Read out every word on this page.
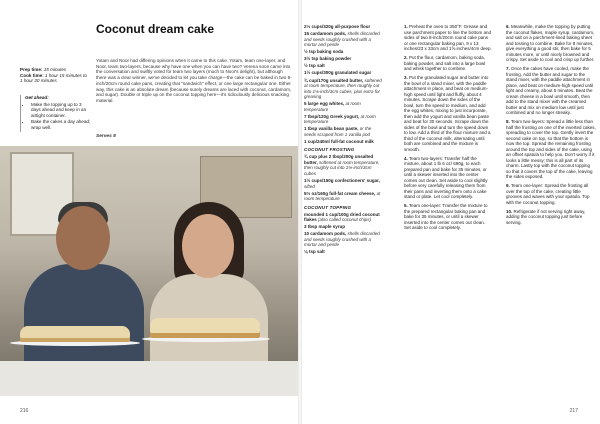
Coconut dream cake
Prep time: 15 minutes
Cook time: 1 hour 15 minutes to 1 hour 30 minutes
Get ahead:
• Make the topping up to 3 days ahead and keep in an airtight container.
• Bake the cakes a day ahead; wrap well.
Yotam and Noor had differing opinions when it came to this cake. Yotam, team one-layer, and Noor, team two-layers, because why have one when you can have two? Verena soon came into the conversation and swiftly voted for team two layers (much to Noor's delight), but although there was a clear winner, we've decided to let you take charge—the cake can be baked in two 8-inch/20cm round cake pans, creating that "sandwich" effect, or one large rectangular one. Either way, this cake is an absolute dream (because surely dreams are laced with coconut, cardamom, and sugar). Double or triple up on the coconut topping here—it's ridiculously delicious snacking material.
Serves 8
216
2⅓ cups/320g all-purpose flour
15 cardamom pods, shells discarded and seeds roughly crushed with a mortar and pestle
½ tsp baking soda
3½ tsp baking powder
½ tsp salt
1½ cups/300g granulated sugar
¾ cup/170g unsalted butter, softened at room temperature, then roughly cut into 1⅛-inch/3cm cubes, plus extra for greasing
5 large egg whites, at room temperature
7 tbsp/120g Greek yogurt, at room temperature
1 tbsp vanilla bean paste, or the seeds scraped from 1 vanilla pod
1 cup/240ml full-fat coconut milk
COCONUT FROSTING
¾ cup plus 2 tbsp/200g unsalted butter, softened at room temperature, then roughly cut into 1⅛-inch/3cm cubes
1½ cups/150g confectioners' sugar, sifted
5⅔ oz/160g full-fat cream cheese, at room temperature
COCONUT TOPPING
mounded 1 cup/100g dried coconut flakes (also called coconut chips)
3 tbsp maple syrup
10 cardamom pods, shells discarded and seeds roughly crushed with a mortar and pestle
⅛ tsp salt
1. Preheat the oven to 350°F. Grease and use parchment paper to line the bottom and sides of two 8-inch/20cm round cake pans or one rectangular baking pan, 9 x 13 inches/23 x 33cm and 1⅝ inches/4cm deep.
2. Put the flour, cardamom, baking soda, baking powder, and salt into a large bowl and whisk together to combine.
3. Put the granulated sugar and butter into the bowl of a stand mixer, with the paddle attachment in place, and beat on medium-high speed until light and fluffy, about 4 minutes. Scrape down the sides of the bowl, turn the speed to medium, and add the egg whites, mixing to just incorporate, then add the yogurt and vanilla bean paste and beat for 30 seconds. Scrape down the sides of the bowl and turn the speed down to low. Add a third of the flour mixture and a third of the coconut milk, alternating until both are combined and the mixture is smooth.
4. Team two-layers: Transfer half the mixture, about 1 lb 6 oz/ 690g, to each prepared pan and bake for 35 minutes, or until a skewer inserted into the center comes out clean. Set aside to cool slightly before very carefully releasing them from their pans and inverting them onto a cake stand or plate. Let cool completely.
5. Team one-layer: Transfer the mixture to the prepared rectangular baking pan and bake for 35 minutes, or until a skewer inserted into the center comes out clean. Set aside to cool completely.
6. Meanwhile, make the topping by putting the coconut flakes, maple syrup, cardamom, and salt on a parchment-lined baking sheet and tossing to combine. Bake for 8 minutes, give everything a good stir, then bake for 5 minutes more, or until nicely browned and crispy. Set aside to cool and crisp up further.
7. Once the cakes have cooled, make the frosting. Add the butter and sugar to the stand mixer, with the paddle attachment in place, and beat on medium-high speed until light and creamy, about 5 minutes. Beat the cream cheese in a bowl until smooth, then add to the stand mixer with the creamed butter and mix on medium low until just combined and no longer streaky.
8. Team two-layers: Spread a little less than half the frosting on one of the inverted cakes, spreading to cover the top. Gently invert the second cake on top, so that the bottom is now the top. Spread the remaining frosting around the top and sides of the cake, using an offset spatula to help you. Don't worry if it looks a little messy; this is all part of its charm. Lastly top with the coconut topping so that it covers the top of the cake, leaving the sides exposed.
9. Team one-layer: Spread the frosting all over the top of the cake, creating little grooves and waves with your spatula. Top with the coconut topping.
10. Refrigerate if not serving right away, adding the coconut topping just before serving.
217
